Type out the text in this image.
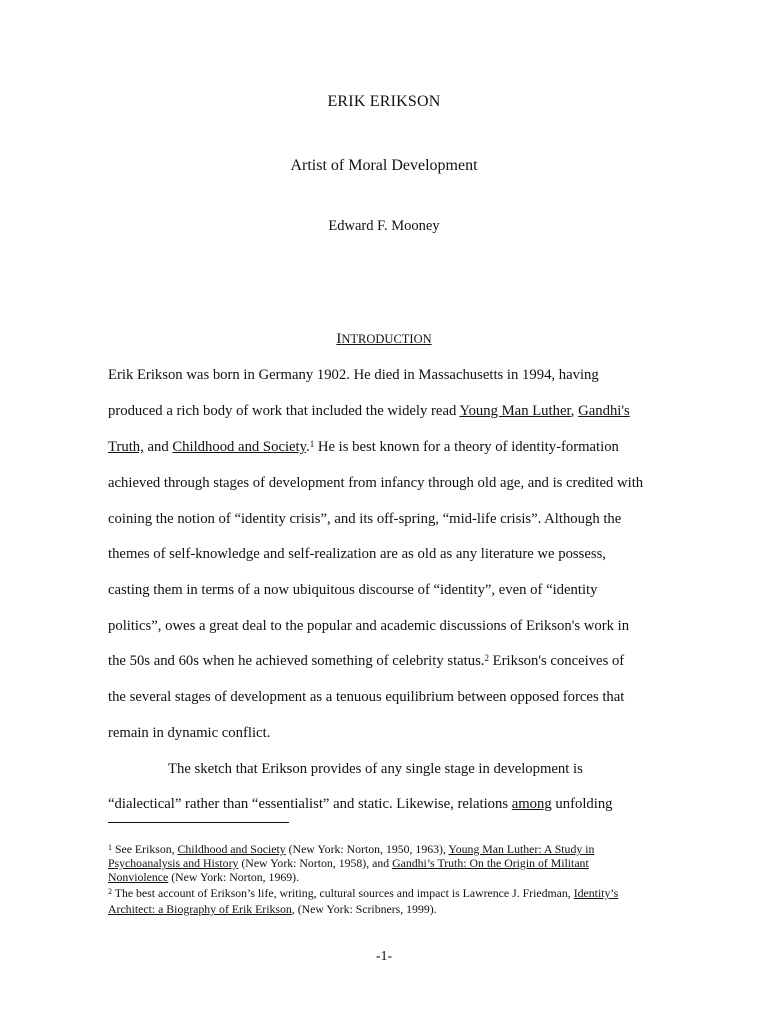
ERIK ERIKSON
Artist of Moral Development
Edward F. Mooney
INTRODUCTION
Erik Erikson was born in Germany 1902. He died in Massachusetts in 1994, having
produced a rich body of work that included the widely read Young Man Luther, Gandhi's
Truth, and Childhood and Society.$^1$ He is best known for a theory of identity-formation
achieved through stages of development from infancy through old age, and is credited with
coining the notion of “identity crisis”, and its off-spring, “mid-life crisis”. Although the
themes of self-knowledge and self-realization are as old as any literature we possess,
casting them in terms of a now ubiquitous discourse of “identity”, even of “identity
politics”, owes a great deal to the popular and academic discussions of Erikson's work in
the 50s and 60s when he achieved something of celebrity status.$^2$ Erikson's conceives of
the several stages of development as a tenuous equilibrium between opposed forces that
remain in dynamic conflict.
The sketch that Erikson provides of any single stage in development is
“dialectical” rather than “essentialist” and static. Likewise, relations among unfolding
$^1$ See Erikson, Childhood and Society (New York: Norton, 1950, 1963), Young Man Luther: A Study in
Psychoanalysis and History (New York: Norton, 1958), and Gandhi’s Truth: On the Origin of Militant
Nonviolence (New York: Norton, 1969).
$^2$ The best account of Erikson’s life, writing, cultural sources and impact is Lawrence J. Friedman, Identity’s
Architect: a Biography of Erik Erikson, (New York: Scribners, 1999).
-1-
